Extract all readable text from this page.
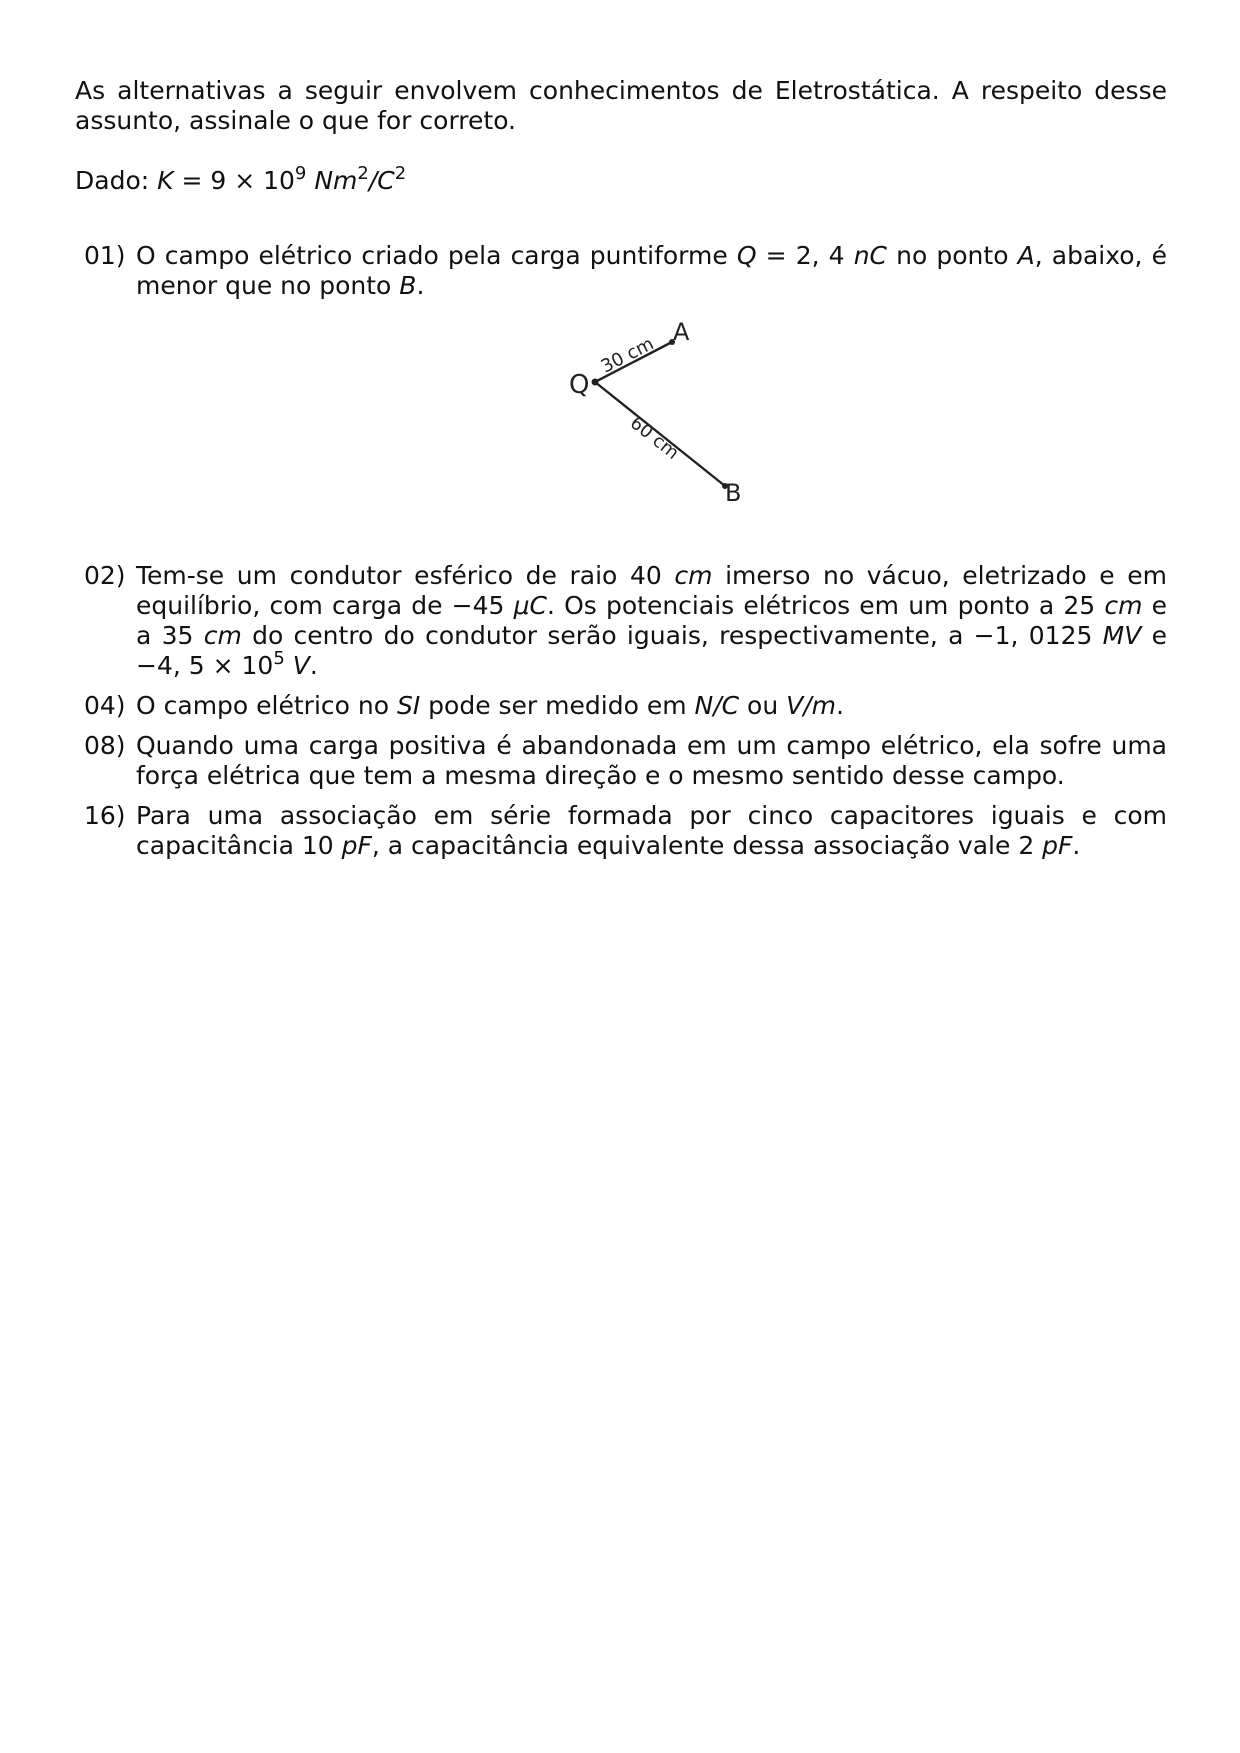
As alternativas a seguir envolvem conhecimentos de Eletrostática. A respeito desse assunto, assinale o que for correto.

Dado: $K = 9 \times 10^9$ $Nm^2/C^2$

01) O campo elétrico criado pela carga puntiforme Q = 2, 4 nC no ponto A, abaixo, é menor que no ponto B.
Q
A
B
30 cm
60 cm
02) Tem-se um condutor esférico de raio 40 cm imerso no vácuo, eletrizado e em equilíbrio, com carga de −45 μC. Os potenciais elétricos em um ponto a 25 cm e a 35 cm do centro do condutor serão iguais, respectivamente, a −1, 0125 MV e −4, $5 \times 10^5$ V.
04) O campo elétrico no SI pode ser medido em N/C ou V/m.
08) Quando uma carga positiva é abandonada em um campo elétrico, ela sofre uma força elétrica que tem a mesma direção e o mesmo sentido desse campo.
16) Para uma associação em série formada por cinco capacitores iguais e com capacitância 10 pF, a capacitância equivalente dessa associação vale 2 pF.
